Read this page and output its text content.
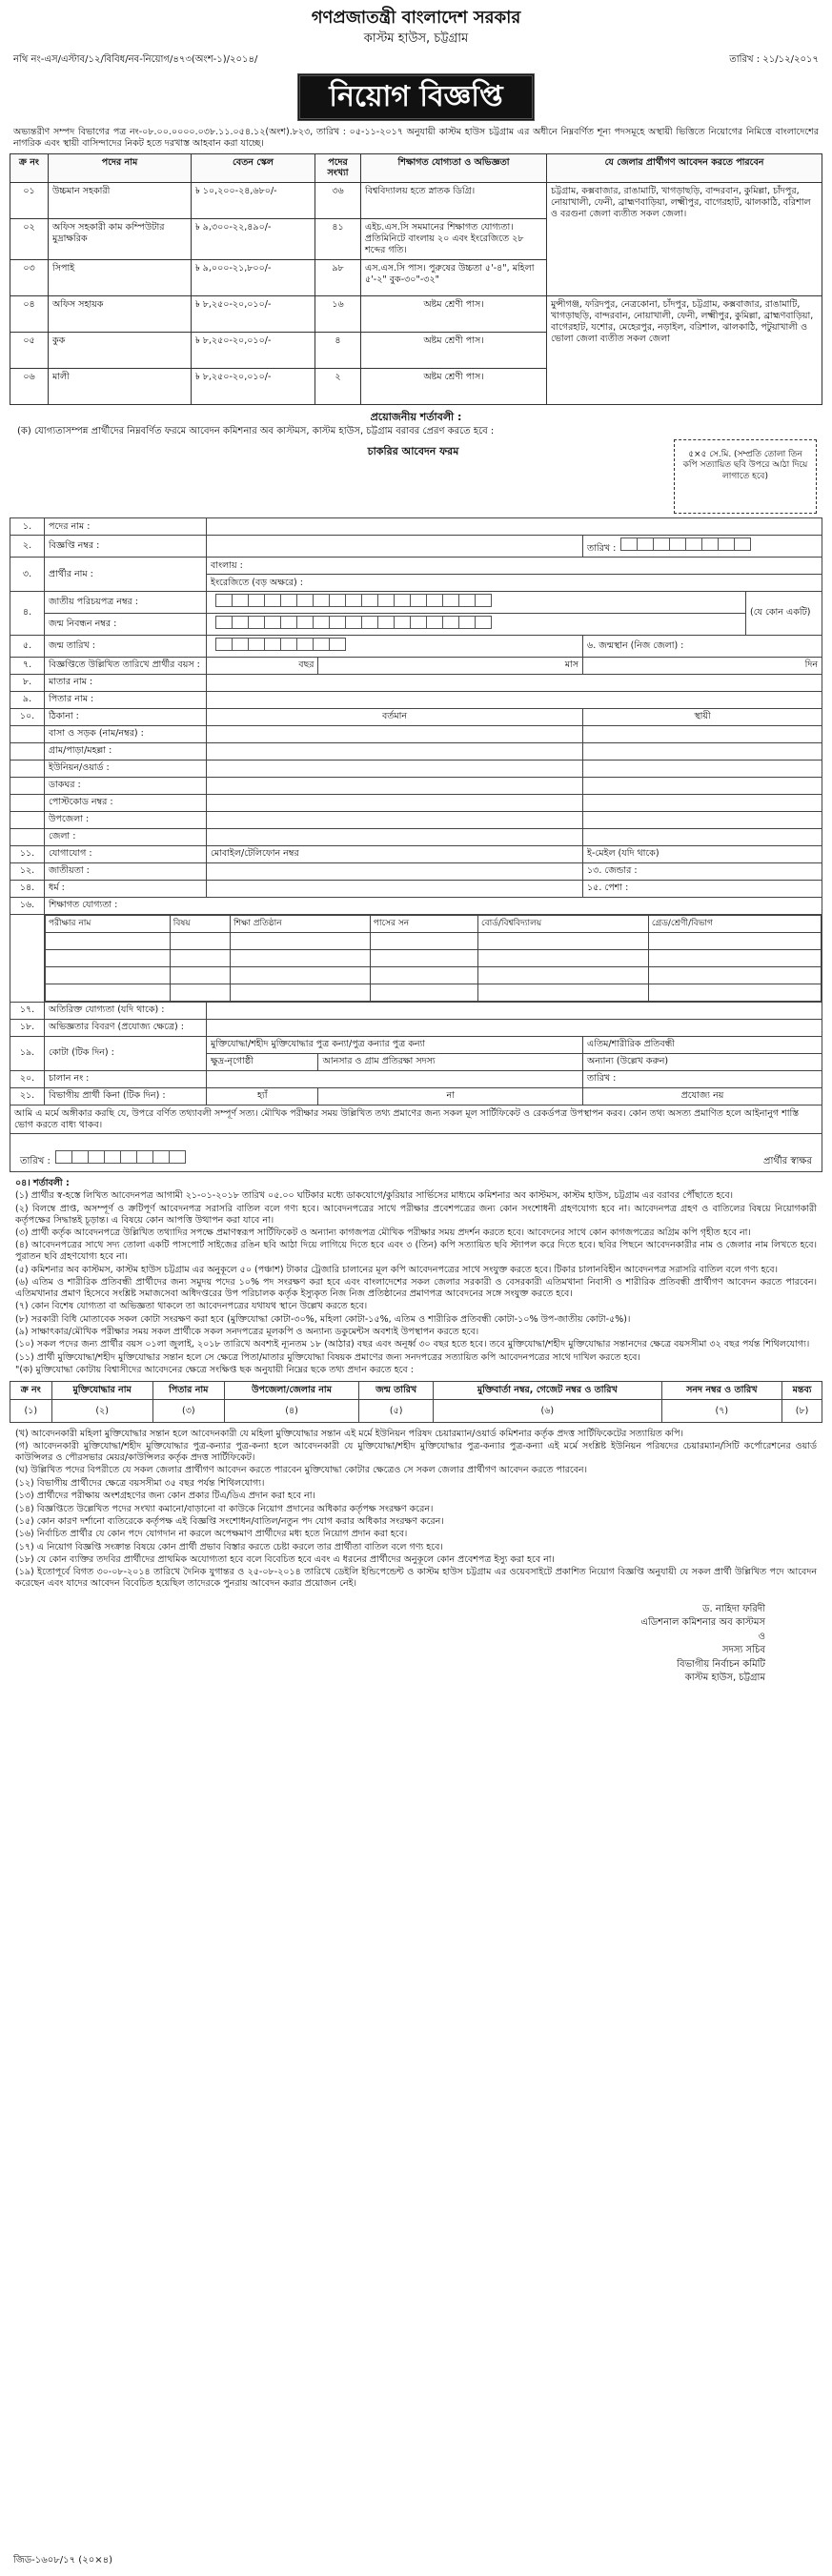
গণপ্রজাতন্ত্রী বাংলাদেশ সরকার
কাস্টম হাউস, চট্টগ্রাম
নথি নং-এস/এস্টাব/১২/বিবিধ/নব-নিয়োগ/৪৭৩(অংশ-১)/২০১৪/	তারিখ : ২১/১২/২০১৭
নিয়োগ বিজ্ঞপ্তি

অভ্যন্তরীণ সম্পদ বিভাগের পত্র নং-০৮.০০.০০০০.০৩৮.১১.০৫৪.১২(অংশ).৮২৩, তারিখ : ০৫-১১-২০১৭ অনুযায়ী কাস্টম হাউস চট্টগ্রাম এর অধীনে নিম্নবর্ণিত শূন্য পদসমূহে অস্থায়ী ভিত্তিতে নিয়োগের নিমিত্তে বাংলাদেশের নাগরিক এবং স্থায়ী বাসিন্দাদের নিকট হতে দরখাস্ত আহবান করা যাচ্ছে।

ক্র নং	পদের নাম	বেতন স্কেল	পদের সংখ্যা	শিক্ষাগত যোগ্যতা ও অভিজ্ঞতা	যে জেলার প্রার্থীগণ আবেদন করতে পারবেন
০১	উচ্চমান সহকারী	৳ ১০,২০০-২৪,৬৮০/-	৩৬	বিশ্ববিদ্যালয় হতে স্নাতক ডিগ্রি।	চট্টগ্রাম, কক্সবাজার, রাঙামাটি, খাগড়াছড়ি, বান্দরবান, কুমিল্লা, চাঁদপুর, নোয়াখালী, ফেনী, ব্রাহ্মণবাড়িয়া, লক্ষ্মীপুর, বাগেরহাট, ঝালকাঠি, বরিশাল ও বরগুনা জেলা ব্যতীত সকল জেলা।
০২	অফিস সহকারী কাম কম্পিউটার মুদ্রাক্ষরিক	৳ ৯,৩০০-২২,৪৯০/-	৪১	এইচ.এস.সি সমমানের শিক্ষাগত যোগ্যতা। প্রতিমিনিটে বাংলায় ২০ এবং ইংরেজিতে ২৮ শব্দের গতি।	
০৩	সিপাই	৳ ৯,০০০-২১,৮০০/-	৯৮	এস.এস.সি পাস। পুরুষের উচ্চতা ৫'-৪", মহিলা ৫'-২" বুক-৩০"-৩২"	
০৪	অফিস সহায়ক	৳ ৮,২৫০-২০,০১০/-	১৬	অষ্টম শ্রেণী পাস।	মুন্সীগঞ্জ, ফরিদপুর, নেত্রকোনা, চাঁদপুর, চট্টগ্রাম, কক্সবাজার, রাঙামাটি, খাগড়াছড়ি, বান্দরবান, নোয়াখালী, ফেনী, লক্ষ্মীপুর, কুমিল্লা, ব্রাহ্মণবাড়িয়া, বাগেরহাট, যশোর, মেহেরপুর, নড়াইল, বরিশাল, ঝালকাঠি, পটুয়াখালী ও ভোলা জেলা ব্যতীত সকল জেলা
০৫	কুক	৳ ৮,২৫০-২০,০১০/-	৪	অষ্টম শ্রেণী পাস।	
০৬	মালী	৳ ৮,২৫০-২০,০১০/-	২	অষ্টম শ্রেণী পাস।	
প্রয়োজনীয় শর্তাবলী :
(ক) যোগ্যতাসম্পন্ন প্রার্থীদের নিম্নবর্ণিত ফরমে আবেদন কমিশনার অব কাস্টমস, কাস্টম হাউস, চট্টগ্রাম বরাবর প্রেরণ করতে হবে :
চাকরির আবেদন ফরম	৫×৫ সে.মি. (সম্প্রতি তোলা তিন কপি সত্যায়িত ছবি উপরে আঠা দিয়ে লাগাতে হবে)
১.	পদের নাম :	
২.	বিজ্ঞপ্তি নম্বর :		তারিখ :

৩.	প্রার্থীর নাম :	বাংলায় :
ইংরেজিতে (বড় অক্ষরে) :
৪.	জাতীয় পরিচয়পত্র নম্বর :	
	(যে কোন একটি)
জন্ম নিবন্ধন নম্বর :	

৫.	জন্ম তারিখ :		৬. জন্মস্থান (নিজ জেলা) :
৭.	বিজ্ঞপ্তিতে উল্লিখিত তারিখে প্রার্থীর বয়স :	বছর	মাস	দিন
৮.	মাতার নাম :	
৯.	পিতার নাম :	
১০.	ঠিকানা :	বর্তমান	স্থায়ী
	বাসা ও সড়ক (নাম/নম্বর) :		
	গ্রাম/পাড়া/মহল্লা :		
	ইউনিয়ন/ওয়ার্ড :		
	ডাকঘর :		
	পোস্টকোড নম্বর :		
	উপজেলা :		
	জেলা :		
১১.	যোগাযোগ :	মোবাইল/টেলিফোন নম্বর	ই-মেইল (যদি থাকে)
১২.	জাতীয়তা :		১৩. জেন্ডার :
১৪.	ধর্ম :		১৫. পেশা :
১৬.	শিক্ষাগত যোগ্যতা :

পরীক্ষার নাম	বিষয়	শিক্ষা প্রতিষ্ঠান	পাসের সন	বোর্ড/বিশ্ববিদ্যালয়	গ্রেড/শ্রেণী/বিভাগ

১৭.	অতিরিক্ত যোগ্যতা (যদি থাকে) :	
১৮.	অভিজ্ঞতার বিবরণ (প্রযোজ্য ক্ষেত্রে) :	
১৯.	কোটা (টিক দিন) :	মুক্তিযোদ্ধা/শহীদ মুক্তিযোদ্ধার পুত্র কন্যা/পুত্র কন্যার পুত্র কন্যা	এতিম/শারীরিক প্রতিবন্ধী
ক্ষুদ্র-নৃগোষ্ঠী	আনসার ও গ্রাম প্রতিরক্ষা সদস্য	অন্যান্য (উল্লেখ করুন)
২০.	চালান নং :		তারিখ :
২১.	বিভাগীয় প্রার্থী কিনা (টিক দিন) :	হ্যাঁ	না	প্রযোজ্য নয়
আমি এ মর্মে অঙ্গীকার করছি যে, উপরে বর্ণিত তথ্যাবলী সম্পূর্ণ সত্য। মৌখিক পরীক্ষার সময় উল্লিখিত তথ্য প্রমাণের জন্য সকল মূল সার্টিফিকেট ও রেকর্ডপত্র উপস্থাপন করব। কোন তথ্য অসত্য প্রমাণিত হলে আইনানুগ শাস্তি ভোগ করতে বাধ্য থাকব।
তারিখ :	প্রার্থীর স্বাক্ষর

০৪। শর্তাবলী :

(১) প্রার্থীর স্ব-হস্তে লিখিত আবেদনপত্র আগামী ২১-০১-২০১৮ তারিখ ০৫.০০ ঘটিকার মধ্যে ডাকযোগে/কুরিয়ার সার্ভিসের মাধ্যমে কমিশনার অব কাস্টমস, কাস্টম হাউস, চট্টগ্রাম এর বরাবর পৌঁছাতে হবে।

(২) বিলম্বে প্রাপ্ত, অসম্পূর্ণ ও ক্রটিপূর্ণ আবেদনপত্র সরাসরি বাতিল বলে গণ্য হবে। আবেদনপত্রের সাথে পরীক্ষার প্রবেশপত্রের জন্য কোন সংশোধনী গ্রহণযোগ্য হবে না। আবেদনপত্র গ্রহণ ও বাতিলের বিষয়ে নিয়োগকারী কর্তৃপক্ষের সিদ্ধান্তই চূড়ান্ত। এ বিষয়ে কোন আপত্তি উত্থাপন করা যাবে না।

(৩) প্রার্থী কর্তৃক আবেদনপত্রে উল্লিখিত তথ্যাদির সপক্ষে প্রমাণস্বরূপ সার্টিফিকেট ও অন্যান্য কাগজপত্র মৌখিক পরীক্ষার সময় প্রদর্শন করতে হবে। আবেদনের সাথে কোন কাগজপত্রের অগ্রিম কপি গৃহীত হবে না।

(৪) আবেদনপত্রের সাথে সদ্য তোলা একটি পাসপোর্ট সাইজের রঙিন ছবি আঠা দিয়ে লাগিয়ে দিতে হবে এবং ৩ (তিন) কপি সত্যায়িত ছবি স্ট্যাপল করে দিতে হবে। ছবির পিছনে আবেদনকারীর নাম ও জেলার নাম লিখতে হবে। পুরাতন ছবি গ্রহণযোগ্য হবে না।

(৫) কমিশনার অব কাস্টমস, কাস্টম হাউস চট্টগ্রাম এর অনুকূলে ৫০ (পঞ্চাশ) টাকার ট্রেজারি চালানের মূল কপি আবেদনপত্রের সাথে সংযুক্ত করতে হবে। টিকার চালানবিহীন আবেদনপত্র সরাসরি বাতিল বলে গণ্য হবে।

(৬) এতিম ও শারীরিক প্রতিবন্ধী প্রার্থীদের জন্য সমুদয় পদের ১০% পদ সংরক্ষণ করা হবে এবং বাংলাদেশের সকল জেলার সরকারী ও বেসরকারী এতিমখানা নিবাসী ও শারীরিক প্রতিবন্ধী প্রার্থীগণ আবেদন করতে পারবেন। এতিমখানার প্রমাণ হিসেবে সংশ্লিষ্ট সমাজসেবা অধিদপ্তরের উপ পরিচালক কর্তৃক ইস্যুকৃত নিজ নিজ প্রতিষ্ঠানের প্রমাণপত্র আবেদনের সঙ্গে সংযুক্ত করতে হবে।

(৭) কোন বিশেষ যোগ্যতা বা অভিজ্ঞতা থাকলে তা আবেদনপত্রের যথাযথ স্থানে উল্লেখ করতে হবে।

(৮) সরকারী বিধি মোতাবেক সকল কোটা সংরক্ষণ করা হবে (মুক্তিযোদ্ধা কোটা-৩০%, মহিলা কোটা-১৫%, এতিম ও শারীরিক প্রতিবন্ধী কোটা-১০% উপ-জাতীয় কোটা-৫%)।

(৯) সাক্ষাৎকার/মৌখিক পরীক্ষার সময় সকল প্রার্থীকে সকল সনদপত্রের মূলকপি ও অন্যান্য ডকুমেন্টস অবশ্যই উপস্থাপন করতে হবে।

(১০) সকল পদের জন্য প্রার্থীর বয়স ০১লা জুলাই, ২০১৮ তারিখে অবশ্যই ন্যূনতম ১৮ (আঠার) বছর এবং অনূর্ধ্ব ৩০ বছর হতে হবে। তবে মুক্তিযোদ্ধা/শহীদ মুক্তিযোদ্ধার সন্তানদের ক্ষেত্রে বয়সসীমা ৩২ বছর পর্যন্ত শিথিলযোগ্য।

(১১) প্রার্থী মুক্তিযোদ্ধা/শহীদ মুক্তিযোদ্ধার সন্তান হলে সে ক্ষেত্রে পিতা/মাতার মুক্তিযোদ্ধা বিষয়ক প্রমাণের জন্য সনদপত্রের সত্যায়িত কপি আবেদনপত্রের সাথে দাখিল করতে হবে।

"(ক) মুক্তিযোদ্ধা কোটায় বিশ্বাসীদের আবেদনের ক্ষেত্রে সংক্ষিপ্ত ছক অনুযায়ী নিম্নের ছকে তথ্য প্রদান করতে হবে :

ক্র নং	মুক্তিযোদ্ধার নাম	পিতার নাম	উপজেলা/জেলার নাম	জন্ম তারিখ	মুক্তিবার্তা নম্বর, গেজেট নম্বর ও তারিখ	সনদ নম্বর ও তারিখ	মন্তব্য
(১)	(২)	(৩)	(৪)	(৫)	(৬)	(৭)	(৮)

(খ) আবেদনকারী মহিলা মুক্তিযোদ্ধার সন্তান হলে আবেদনকারী যে মহিলা মুক্তিযোদ্ধার সন্তান এই মর্মে ইউনিয়ন পরিষদ চেয়ারম্যান/ওয়ার্ড কমিশনার কর্তৃক প্রদত্ত সার্টিফিকেটের সত্যায়িত কপি।

(গ) আবেদনকারী মুক্তিযোদ্ধা/শহীদ মুক্তিযোদ্ধার পুত্র-কন্যার পুত্র-কন্যা হলে আবেদনকারী যে মুক্তিযোদ্ধা/শহীদ মুক্তিযোদ্ধার পুত্র-কন্যার পুত্র-কন্যা এই মর্মে সংশ্লিষ্ট ইউনিয়ন পরিষদের চেয়ারম্যান/সিটি কর্পোরেশনের ওয়ার্ড কাউন্সিলর ও পৌরসভার মেয়র/কাউন্সিলর কর্তৃক প্রদত্ত সার্টিফিকেট।

(ঘ) উল্লিখিত পদের বিপরীতে যে সকল জেলার প্রার্থীগণ আবেদন করতে পারবেন মুক্তিযোদ্ধা কোটার ক্ষেত্রেও সে সকল জেলার প্রার্থীগণ আবেদন করতে পারবেন।

(১২) বিভাগীয় প্রার্থীদের ক্ষেত্রে বয়সসীমা ৩৫ বছর পর্যন্ত শিথিলযোগ্য।

(১৩) প্রার্থীদের পরীক্ষায় অংশগ্রহণের জন্য কোন প্রকার টিএ/ডিএ প্রদান করা হবে না।

(১৪) বিজ্ঞপ্তিতে উল্লেখিত পদের সংখ্যা কমানো/বাড়ানো বা কাউকে নিয়োগ প্রদানের অধিকার কর্তৃপক্ষ সংরক্ষণ করেন।

(১৫) কোন কারণ দর্শানো ব্যতিরেকে কর্তৃপক্ষ এই বিজ্ঞপ্তি সংশোধন/বাতিল/নতুন পদ যোগ করার অধিকার সংরক্ষণ করেন।

(১৬) নির্বাচিত প্রার্থীর যে কোন পদে যোগদান না করলে অপেক্ষমাণ প্রার্থীদের মধ্য হতে নিয়োগ প্রদান করা হবে।

(১৭) এ নিয়োগ বিজ্ঞপ্তি সংক্রান্ত বিষয়ে কোন প্রার্থী প্রভাব বিস্তার করতে চেষ্টা করলে তার প্রার্থীতা বাতিল বলে গণ্য হবে।

(১৮) যে কোন ব্যক্তির তদবির প্রার্থীদের প্রাথমিক অযোগ্যতা হবে বলে বিবেচিত হবে এবং এ ধরনের প্রার্থীদের অনুকূলে কোন প্রবেশপত্র ইস্যু করা হবে না।

(১৯) ইতোপূর্বে বিগত ৩০-০৮-২০১৪ তারিখে দৈনিক যুগান্তর ও ২৫-০৮-২০১৪ তারিখে ডেইলি ইন্ডিপেন্ডেন্ট ও কাস্টম হাউস চট্টগ্রাম এর ওয়েবসাইটে প্রকাশিত নিয়োগ বিজ্ঞপ্তি অনুযায়ী যে সকল প্রার্থী উল্লিখিত পদে আবেদন করেছেন এবং যাদের আবেদন বিবেচিত হয়েছিল তাদেরকে পুনরায় আবেদন করার প্রয়োজন নেই।

ড. নাহিদা ফরিদী
এডিশনাল কমিশনার অব কাস্টমস
ও
সদস্য সচিব
বিভাগীয় নির্বাচন কমিটি
কাস্টম হাউস, চট্টগ্রাম
জিড-১৬০৮/১৭ (২০×৪)
